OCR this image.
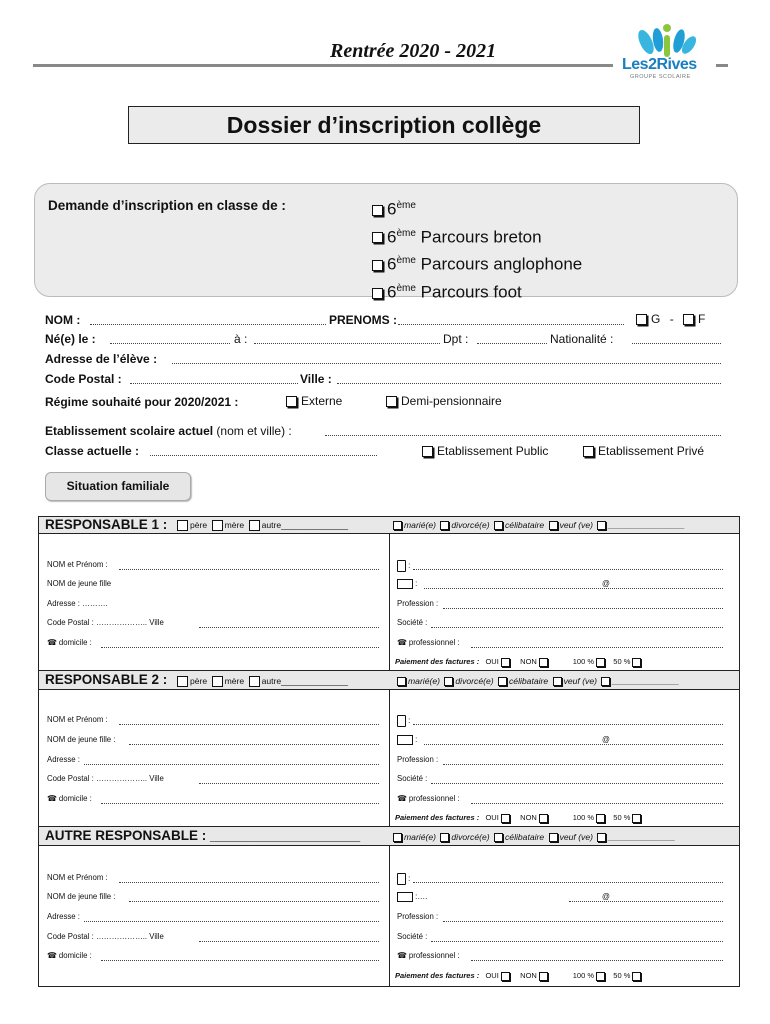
Rentrée 2020 - 2021
Les2Rives
GROUPE SCOLAIRE
Dossier d’inscription collège
Demande d’inscription en classe de :	6ème
6ème Parcours breton
6ème Parcours anglophone
6ème Parcours foot
NOM :	PRENOMS :	G - F
Né(e) le :	à :	Dpt :	Nationalité :
Adresse de l’élève :
Code Postal :	Ville :
Régime souhaité pour 2020/2021 :	Externe	Demi-pensionnaire
Etablissement scolaire actuel (nom et ville) :
Classe actuelle :	Etablissement Public	Etablissement Privé
Situation familiale
RESPONSABLE 1 :	père mère autre______________	marié(e) divorcé(e) célibataire veuf (ve) ________________
NOM et Prénom :
NOM de jeune fille
Adresse : ……….
Code Postal : ……………….. Ville
☎ domicile :
:
:	@
Profession :
Société :
☎ professionnel :
Paiement des factures : OUI	NON	100 %	50 %
RESPONSABLE 2 :	père mère autre______________	marié(e) divorcé(e) célibataire veuf (ve) ______________
NOM et Prénom :
NOM de jeune fille :
Adresse :
Code Postal : ……………….. Ville
☎ domicile :
:
:	@
Profession :
Société :
☎ professionnel :
Paiement des factures : OUI	NON	100 %	50 %
AUTRE RESPONSABLE : ____________________	marié(e) divorcé(e) célibataire veuf (ve) ______________
NOM et Prénom :
NOM de jeune fille :
Adresse :
Code Postal : ……………….. Ville
☎ domicile :
:
:….	@
Profession :
Société :
☎ professionnel :
Paiement des factures : OUI	NON	100 %	50 %
